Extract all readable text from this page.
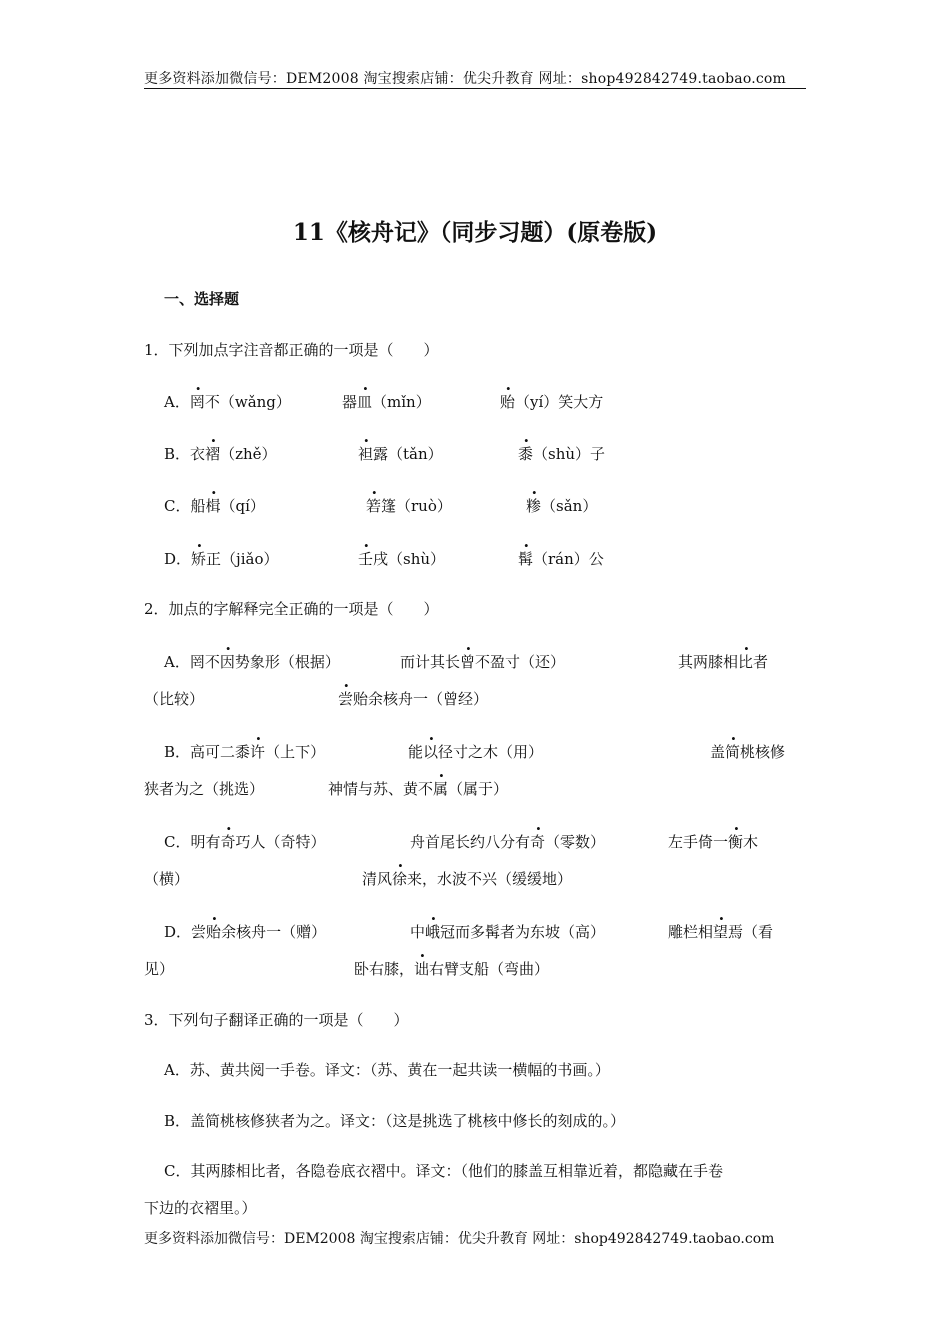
更多资料添加微信号：DEM2008 淘宝搜索店铺：优尖升教育 网址：shop492842749.taobao.com
11《核舟记》（同步习题）(原卷版)
一、选择题
1．下列加点字注音都正确的一项是（　　）
A．罔不（wǎng）	器皿（mǐn）	贻（yí）笑大方
B．衣褶（zhě）	袒露（tǎn）	黍（shù）子
C．船楫（qí）	箬篷（ruò）	糁（sǎn）
D．矫正（jiǎo）	壬戌（shù）	髯（rán）公
2．加点的字解释完全正确的一项是（　　）
A．罔不因势象形（根据）	而计其长曾不盈寸（还）	其两膝相比者
（比较）	尝贻余核舟一（曾经）
B．高可二黍许（上下）	能以径寸之木（用）	盖简桃核修
狭者为之（挑选）	神情与苏、黄不属（属于）
C．明有奇巧人（奇特）	舟首尾长约八分有奇（零数）	左手倚一衡木
（横）	清风徐来，水波不兴（缓缓地）
D．尝贻余核舟一（赠）	中峨冠而多髯者为东坡（高）	雕栏相望焉（看
见）	卧右膝，诎右臂支船（弯曲）
3．下列句子翻译正确的一项是（　　）
A．苏、黄共阅一手卷。译文：（苏、黄在一起共读一横幅的书画。）
B．盖简桃核修狭者为之。译文：（这是挑选了桃核中修长的刻成的。）
C．其两膝相比者，各隐卷底衣褶中。译文：（他们的膝盖互相靠近着，都隐藏在手卷
下边的衣褶里。）
更多资料添加微信号：DEM2008 淘宝搜索店铺：优尖升教育 网址：shop492842749.taobao.com
